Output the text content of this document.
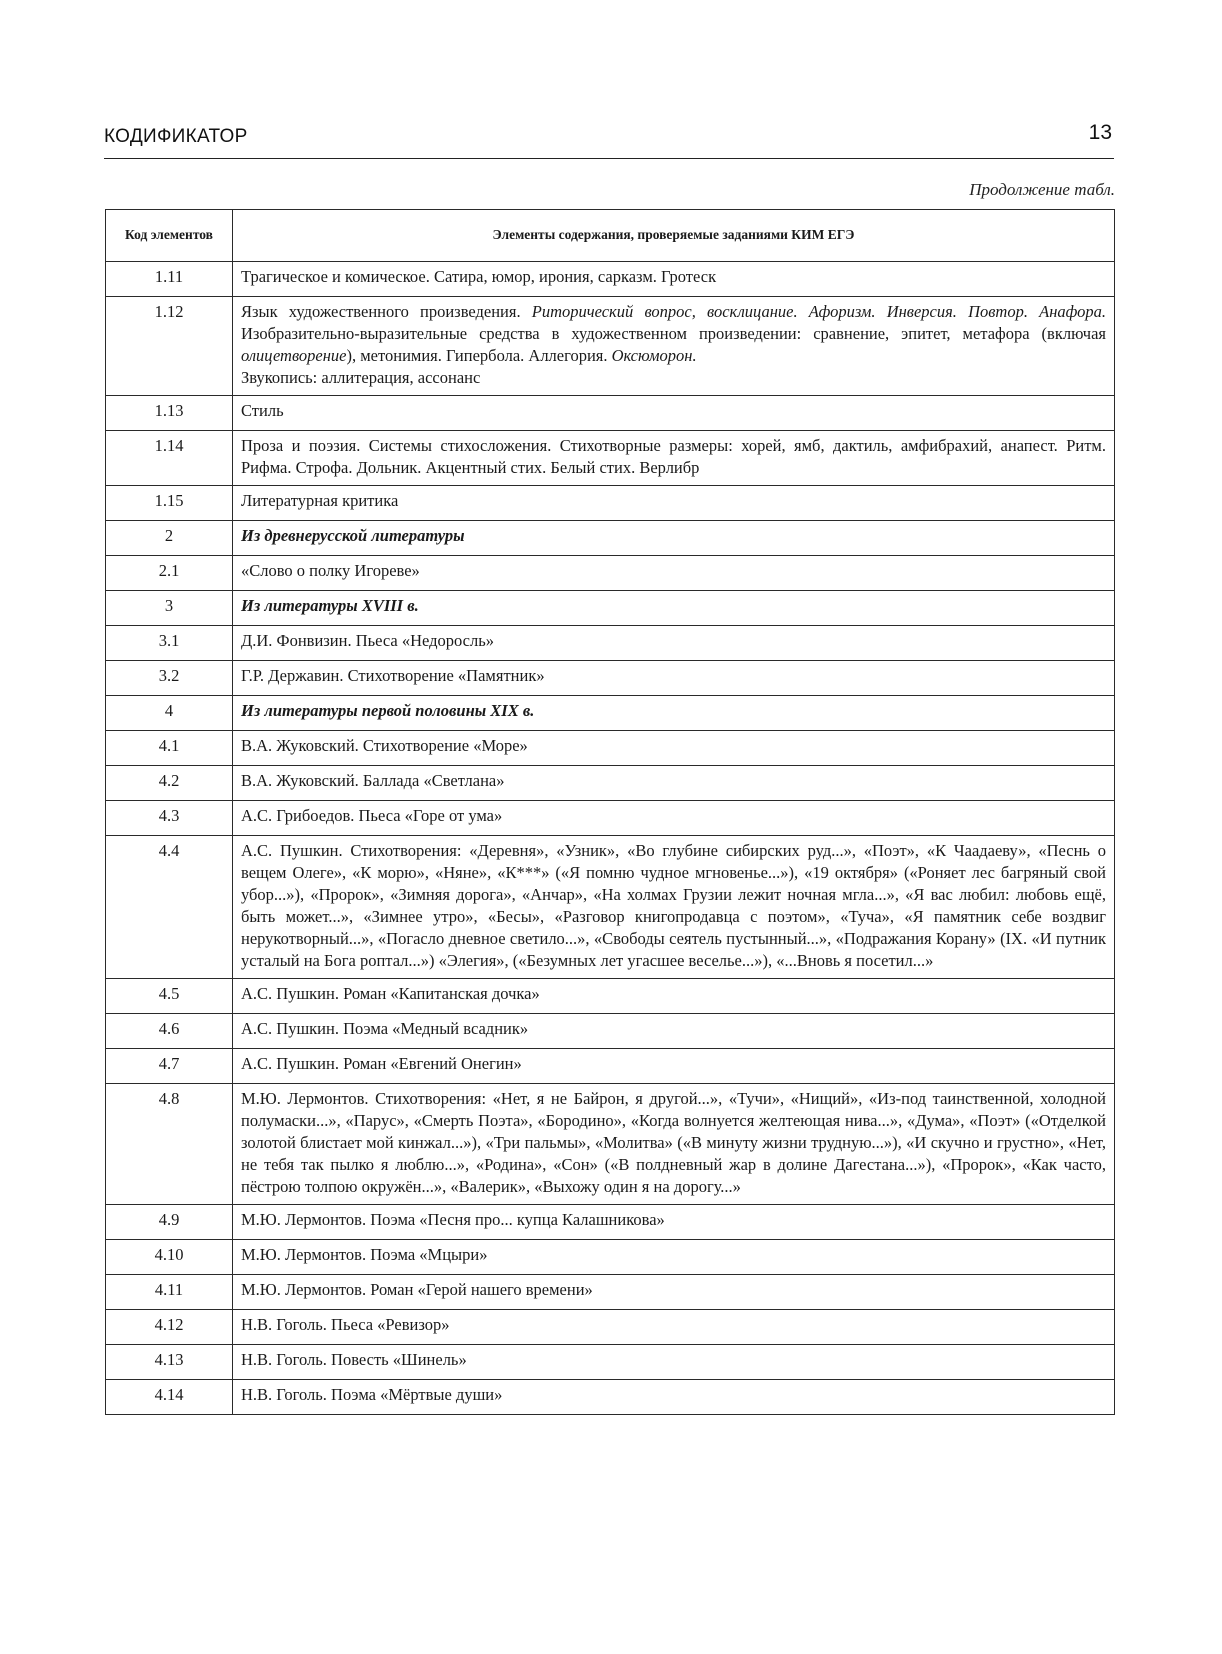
КОДИФИКАТОР	13
Продолжение табл.
Код элементов	Элементы содержания, проверяемые заданиями КИМ ЕГЭ
1.11	Трагическое и комическое. Сатира, юмор, ирония, сарказм. Гротеск
1.12	Язык художественного произведения. Риторический вопрос, восклицание. Афоризм. Инверсия. Повтор. Анафора. Изобразительно-выразительные средства в художественном произведении: сравнение, эпитет, метафора (включая олицетворение), метонимия. Гипербола. Аллегория. Оксюморон.
Звукопись: аллитерация, ассонанс
1.13	Стиль
1.14	Проза и поэзия. Системы стихосложения. Стихотворные размеры: хорей, ямб, дактиль, амфибрахий, анапест. Ритм. Рифма. Строфа. Дольник. Акцентный стих. Белый стих. Верлибр
1.15	Литературная критика
2	Из древнерусской литературы
2.1	«Слово о полку Игореве»
3	Из литературы XVIII в.
3.1	Д.И. Фонвизин. Пьеса «Недоросль»
3.2	Г.Р. Державин. Стихотворение «Памятник»
4	Из литературы первой половины XIX в.
4.1	В.А. Жуковский. Стихотворение «Море»
4.2	В.А. Жуковский. Баллада «Светлана»
4.3	А.С. Грибоедов. Пьеса «Горе от ума»
4.4	А.С. Пушкин. Стихотворения: «Деревня», «Узник», «Во глубине сибирских руд...», «Поэт», «К Чаадаеву», «Песнь о вещем Олеге», «К морю», «Няне», «К***» («Я помню чудное мгновенье...»), «19 октября» («Роняет лес багряный свой убор...»), «Пророк», «Зимняя дорога», «Анчар», «На холмах Грузии лежит ночная мгла...», «Я вас любил: любовь ещё, быть может...», «Зимнее утро», «Бесы», «Разговор книгопродавца с поэтом», «Туча», «Я памятник себе воздвиг нерукотворный...», «Погасло дневное светило...», «Свободы сеятель пустынный...», «Подражания Корану» (IX. «И путник усталый на Бога роптал...») «Элегия», («Безумных лет угасшее веселье...»), «...Вновь я посетил...»
4.5	А.С. Пушкин. Роман «Капитанская дочка»
4.6	А.С. Пушкин. Поэма «Медный всадник»
4.7	А.С. Пушкин. Роман «Евгений Онегин»
4.8	М.Ю. Лермонтов. Стихотворения: «Нет, я не Байрон, я другой...», «Тучи», «Нищий», «Из-под таинственной, холодной полумаски...», «Парус», «Смерть Поэта», «Бородино», «Когда волнуется желтеющая нива...», «Дума», «Поэт» («Отделкой золотой блистает мой кинжал...»), «Три пальмы», «Молитва» («В минуту жизни трудную...»), «И скучно и грустно», «Нет, не тебя так пылко я люблю...», «Родина», «Сон» («В полдневный жар в долине Дагестана...»), «Пророк», «Как часто, пёстрою толпою окружён...», «Валерик», «Выхожу один я на дорогу...»
4.9	М.Ю. Лермонтов. Поэма «Песня про... купца Калашникова»
4.10	М.Ю. Лермонтов. Поэма «Мцыри»
4.11	М.Ю. Лермонтов. Роман «Герой нашего времени»
4.12	Н.В. Гоголь. Пьеса «Ревизор»
4.13	Н.В. Гоголь. Повесть «Шинель»
4.14	Н.В. Гоголь. Поэма «Мёртвые души»
